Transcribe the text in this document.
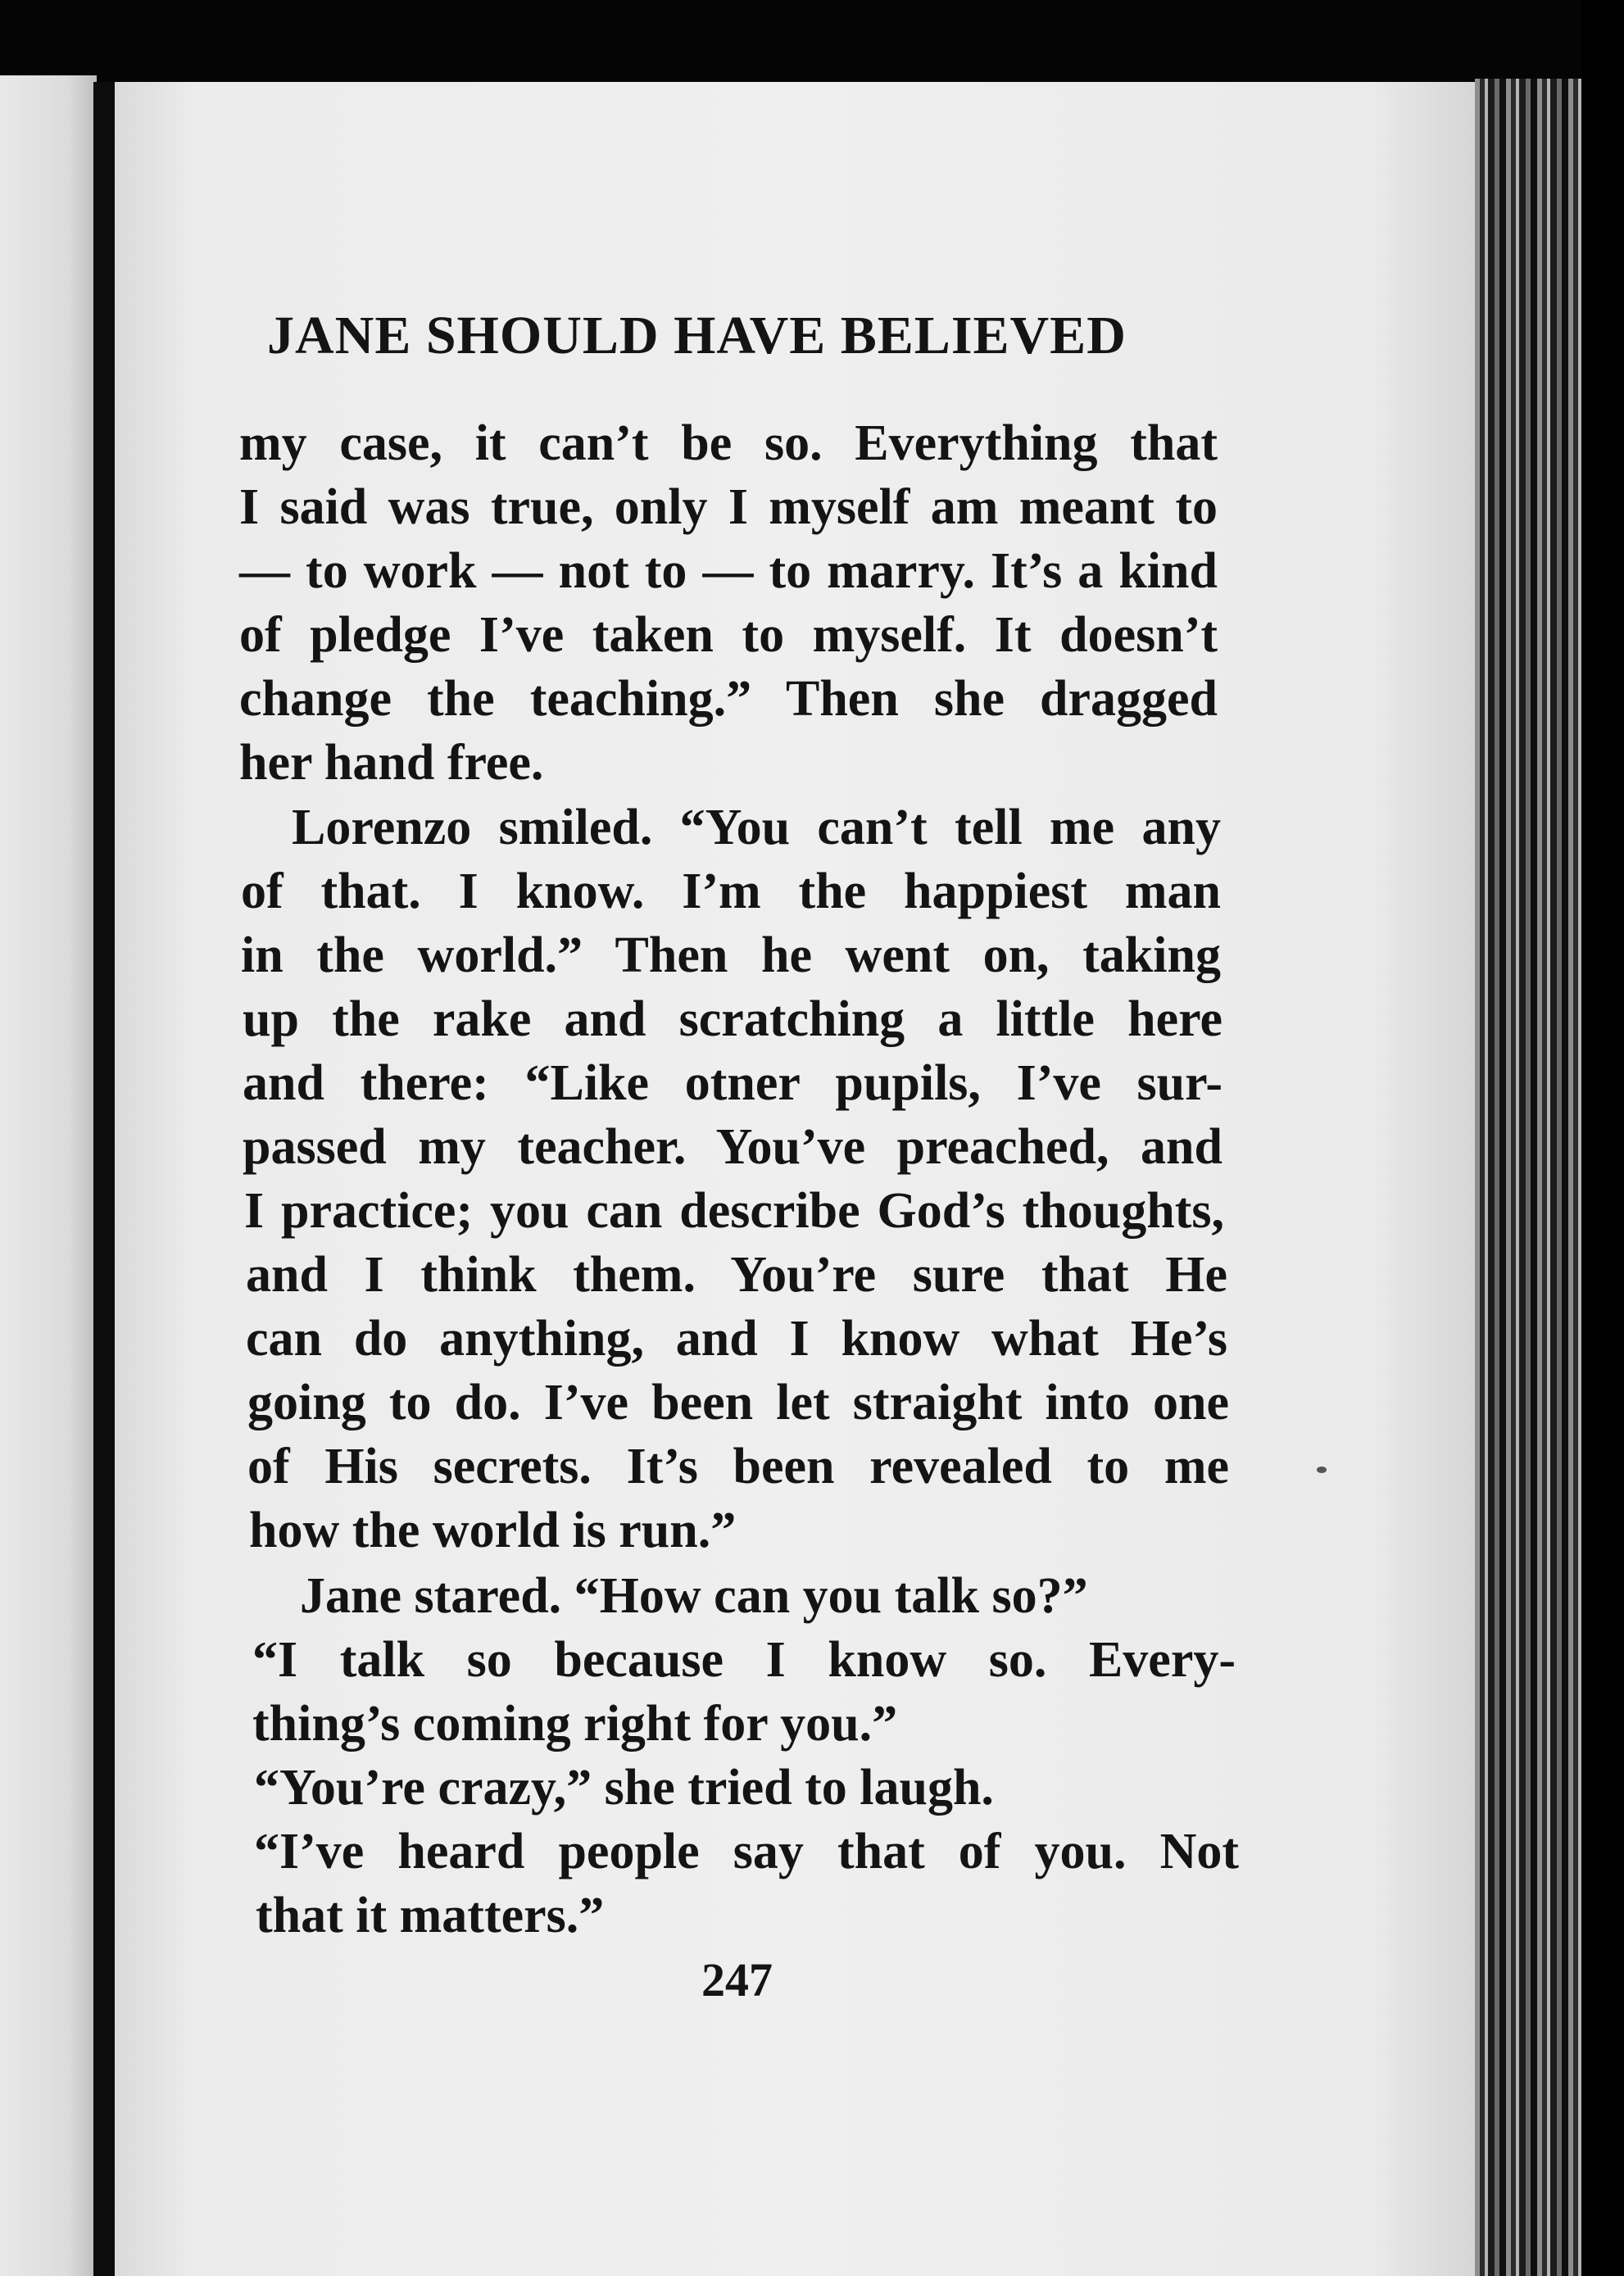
JANE SHOULD HAVE BELIEVED
my case, it can’t be so. Everything that
I said was true, only I myself am meant to
— to work — not to — to marry. It’s a kind
of pledge I’ve taken to myself. It doesn’t
change the teaching.” Then she dragged
her hand free.
Lorenzo smiled. “You can’t tell me any
of that. I know. I’m the happiest man
in the world.” Then he went on, taking
up the rake and scratching a little here
and there: “Like otner pupils, I’ve sur-
passed my teacher. You’ve preached, and
I practice; you can describe God’s thoughts,
and I think them. You’re sure that He
can do anything, and I know what He’s
going to do. I’ve been let straight into one
of His secrets. It’s been revealed to me
how the world is run.”
Jane stared. “How can you talk so?”
“I talk so because I know so. Every-
thing’s coming right for you.”
“You’re crazy,” she tried to laugh.
“I’ve heard people say that of you. Not
that it matters.”
247
